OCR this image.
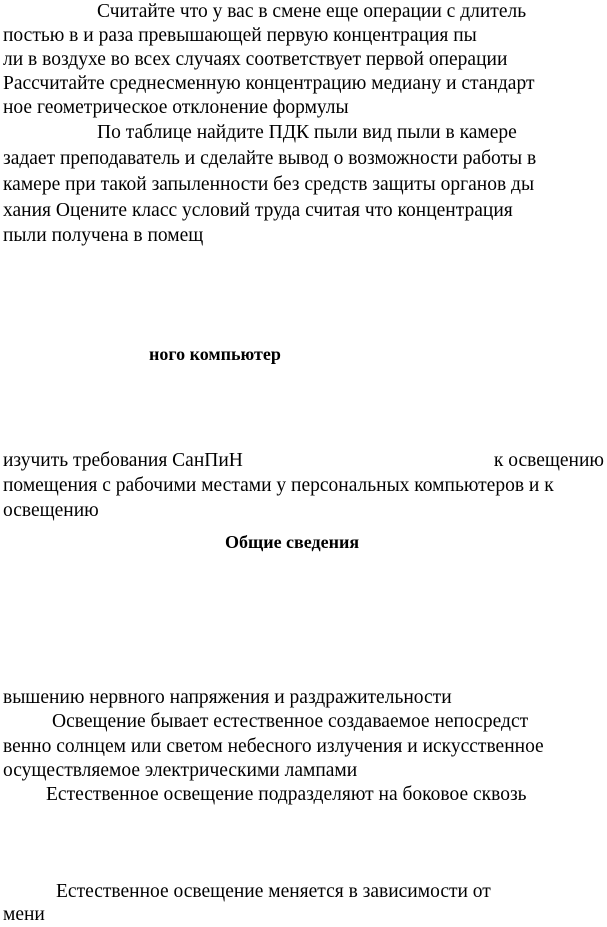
Считайте что у вас в смене еще операции с длитель
постью в и раза превышающей первую концентрация пы
ли в воздухе во всех случаях соответствует первой операции
Рассчитайте среднесменную концентрацию медиану и стандарт
ное геометрическое отклонение формулы
По таблице найдите ПДК пыли вид пыли в камере
задает преподаватель и сделайте вывод о возможности работы в
камере при такой запыленности без средств защиты органов ды
хания Оцените класс условий труда считая что концентрация
пыли получена в помещ
ного компьютер
изучить требования СанПиН	к освещению
помещения с рабочими местами у персональных компьютеров и к
освещению
Общие сведения
вышению нервного напряжения и раздражительности
Освещение бывает естественное создаваемое непосредст
венно солнцем или светом небесного излучения и искусственное
осуществляемое электрическими лампами
Естественное освещение подразделяют на боковое сквозь
Естественное освещение меняется в зависимости от
мени
